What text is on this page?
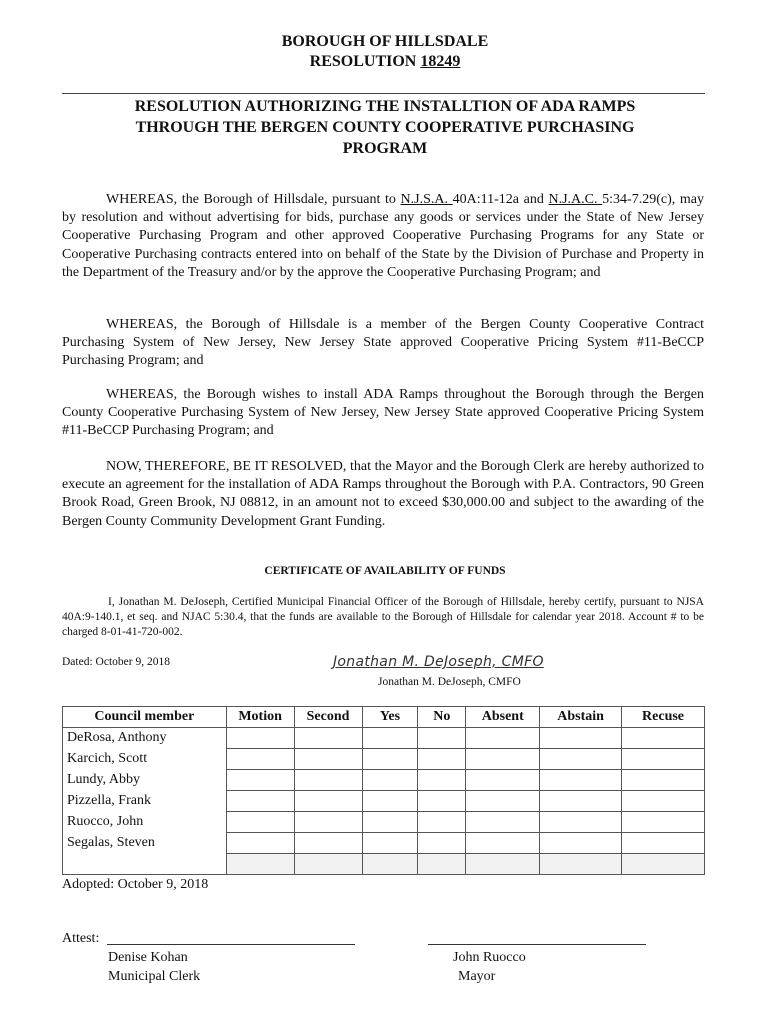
BOROUGH OF HILLSDALE
RESOLUTION 18249
RESOLUTION AUTHORIZING THE INSTALLTION OF ADA RAMPS
THROUGH THE BERGEN COUNTY COOPERATIVE PURCHASING
PROGRAM
WHEREAS, the Borough of Hillsdale, pursuant to N.J.S.A. 40A:11-12a and N.J.A.C. 5:34-7.29(c), may by resolution and without advertising for bids, purchase any goods or services under the State of New Jersey Cooperative Purchasing Program and other approved Cooperative Purchasing Programs for any State or Cooperative Purchasing contracts entered into on behalf of the State by the Division of Purchase and Property in the Department of the Treasury and/or by the approve the Cooperative Purchasing Program; and
WHEREAS, the Borough of Hillsdale is a member of the Bergen County Cooperative Contract Purchasing System of New Jersey, New Jersey State approved Cooperative Pricing System #11-BeCCP Purchasing Program; and
WHEREAS, the Borough wishes to install ADA Ramps throughout the Borough through the Bergen County Cooperative Purchasing System of New Jersey, New Jersey State approved Cooperative Pricing System #11-BeCCP Purchasing Program; and
NOW, THEREFORE, BE IT RESOLVED, that the Mayor and the Borough Clerk are hereby authorized to execute an agreement for the installation of ADA Ramps throughout the Borough with P.A. Contractors, 90 Green Brook Road, Green Brook, NJ 08812, in an amount not to exceed $30,000.00 and subject to the awarding of the Bergen County Community Development Grant Funding.
CERTIFICATE OF AVAILABILITY OF FUNDS
I, Jonathan M. DeJoseph, Certified Municipal Financial Officer of the Borough of Hillsdale, hereby certify, pursuant to NJSA 40A:9-140.1, et seq. and NJAC 5:30.4, that the funds are available to the Borough of Hillsdale for calendar year 2018. Account # to be charged 8-01-41-720-002.
Dated: October 9, 2018	Jonathan M. DeJoseph, CMFO
Jonathan M. DeJoseph, CMFO
Council member	Motion	Second	Yes	No	Absent	Abstain	Recuse
DeRosa, Anthony							
Karcich, Scott							
Lundy, Abby							
Pizzella, Frank							
Ruocco, John							
Segalas, Steven							

Adopted: October 9, 2018
Attest:
Denise Kohan
Municipal Clerk
John Ruocco
Mayor
